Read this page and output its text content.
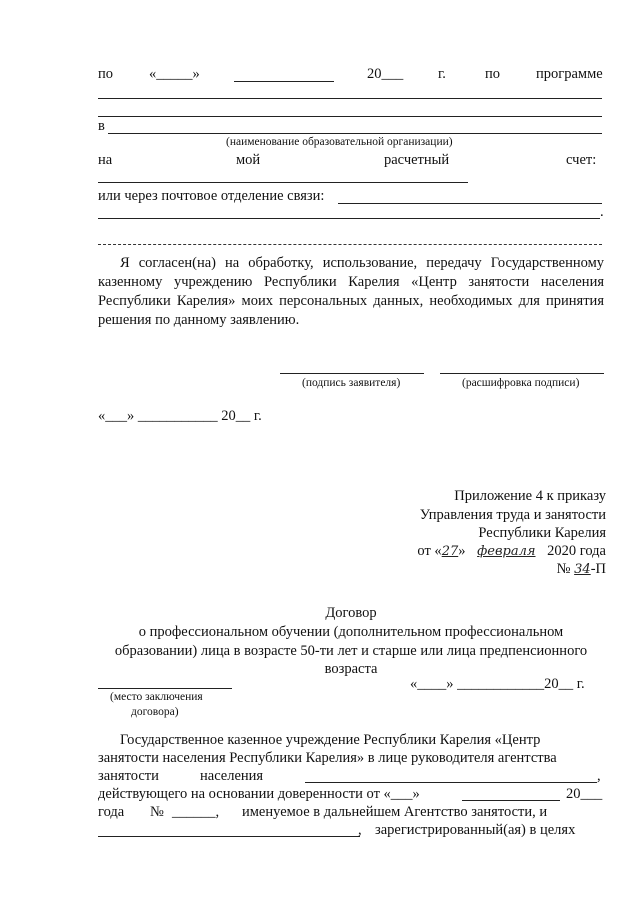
по «_____»	20___ г.	по программе
в
(наименование образовательной организации)
на	мой	расчетный	счет:
или через почтовое отделение связи:
.
Я согласен(на) на обработку, использование, передачу Государственному казенному учреждению Республики Карелия «Центр занятости населения Республики Карелия» моих персональных данных, необходимых для принятия решения по данному заявлению.
(подпись заявителя)	(расшифровка подписи)
«___» ___________ 20__ г.
Приложение 4 к приказу
Управления труда и занятости
Республики Карелия
от «27» февраля 2020 года
№ 34-П
Договор
о профессиональном обучении (дополнительном профессиональном
образовании) лица в возрасте 50-ти лет и старше или лица предпенсионного
возраста
(место заключения
договора)
«____» ____________20__ г.
Государственное казенное учреждение Республики Карелия «Центр
занятости населения Республики Карелия» в лице руководителя агентства
занятости	населения	,
действующего на основании доверенности от «___»	20___
года № ______, именуемое в дальнейшем Агентство занятости, и
, зарегистрированный(ая) в целях
